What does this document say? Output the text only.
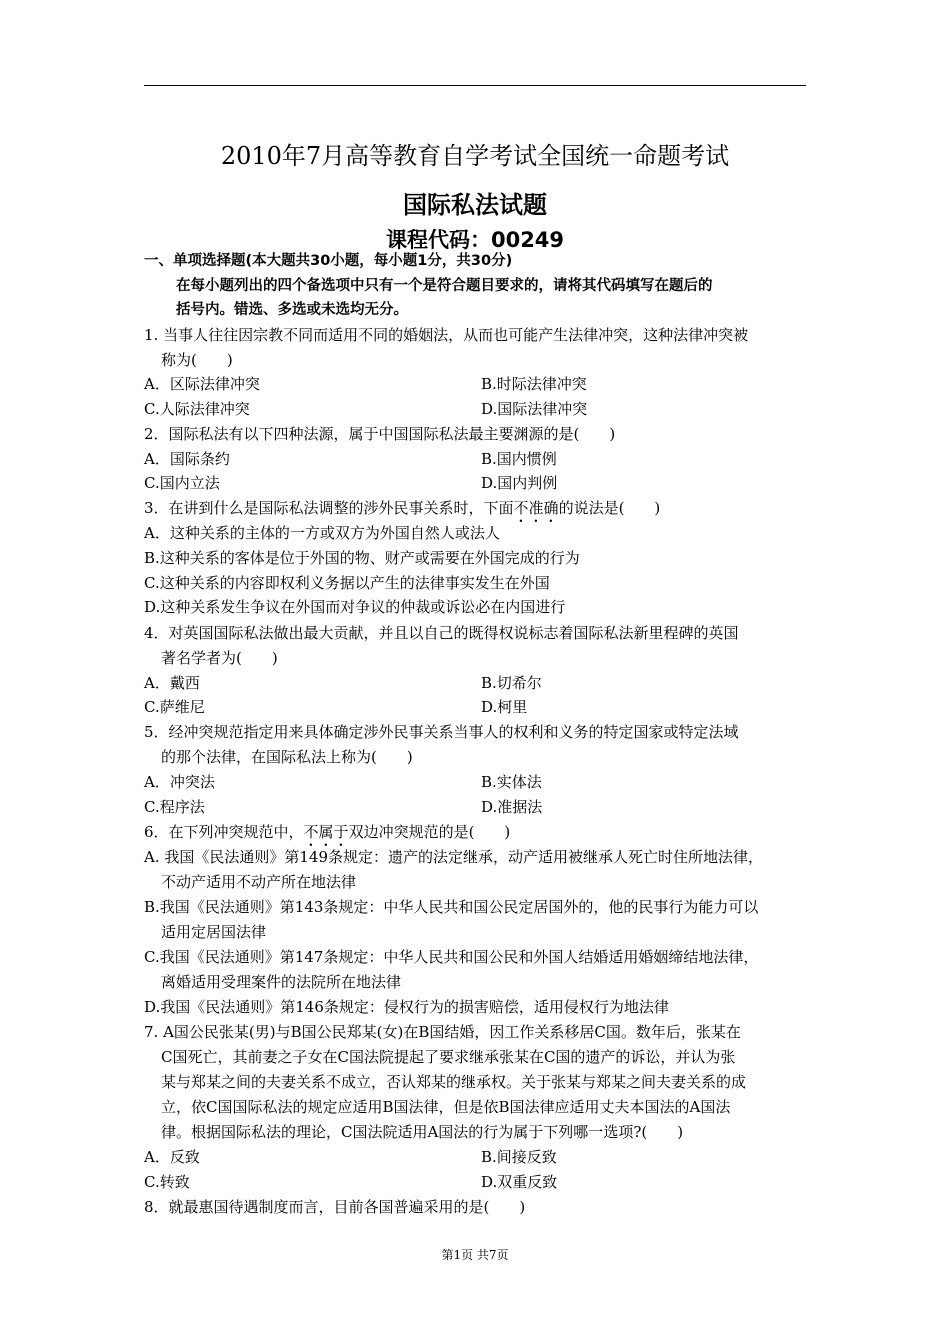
2010年7月高等教育自学考试全国统一命题考试
国际私法试题
课程代码：00249
一、单项选择题(本大题共30小题，每小题1分，共30分)
在每小题列出的四个备选项中只有一个是符合题目要求的，请将其代码填写在题后的
括号内。错选、多选或未选均无分。
1. 当事人往往因宗教不同而适用不同的婚姻法，从而也可能产生法律冲突，这种法律冲突被
称为(　　)
A．区际法律冲突	B.时际法律冲突
C.人际法律冲突	D.国际法律冲突
2．国际私法有以下四种法源，属于中国国际私法最主要渊源的是(　　)
A．国际条约	B.国内惯例
C.国内立法	D.国内判例
3．在讲到什么是国际私法调整的涉外民事关系时，下面不准确的说法是(　　)
A．这种关系的主体的一方或双方为外国自然人或法人
B.这种关系的客体是位于外国的物、财产或需要在外国完成的行为
C.这种关系的内容即权利义务据以产生的法律事实发生在外国
D.这种关系发生争议在外国而对争议的仲裁或诉讼必在内国进行
4．对英国国际私法做出最大贡献，并且以自己的既得权说标志着国际私法新里程碑的英国
著名学者为(　　)
A．戴西	B.切希尔
C.萨维尼	D.柯里
5．经冲突规范指定用来具体确定涉外民事关系当事人的权利和义务的特定国家或特定法域
的那个法律，在国际私法上称为(　　)
A．冲突法	B.实体法
C.程序法	D.准据法
6．在下列冲突规范中，不属于双边冲突规范的是(　　)
A. 我国《民法通则》第149条规定：遗产的法定继承，动产适用被继承人死亡时住所地法律，
不动产适用不动产所在地法律
B.我国《民法通则》第143条规定：中华人民共和国公民定居国外的，他的民事行为能力可以
适用定居国法律
C.我国《民法通则》第147条规定：中华人民共和国公民和外国人结婚适用婚姻缔结地法律，
离婚适用受理案件的法院所在地法律
D.我国《民法通则》第146条规定：侵权行为的损害赔偿，适用侵权行为地法律
7. A国公民张某(男)与B国公民郑某(女)在B国结婚，因工作关系移居C国。数年后，张某在
C国死亡，其前妻之子女在C国法院提起了要求继承张某在C国的遗产的诉讼，并认为张
某与郑某之间的夫妻关系不成立，否认郑某的继承权。关于张某与郑某之间夫妻关系的成
立，依C国国际私法的规定应适用B国法律，但是依B国法律应适用丈夫本国法的A国法
律。根据国际私法的理论，C国法院适用A国法的行为属于下列哪一选项?(　　)
A．反致	B.间接反致
C.转致	D.双重反致
8．就最惠国待遇制度而言，目前各国普遍采用的是(　　)
第1页 共7页
